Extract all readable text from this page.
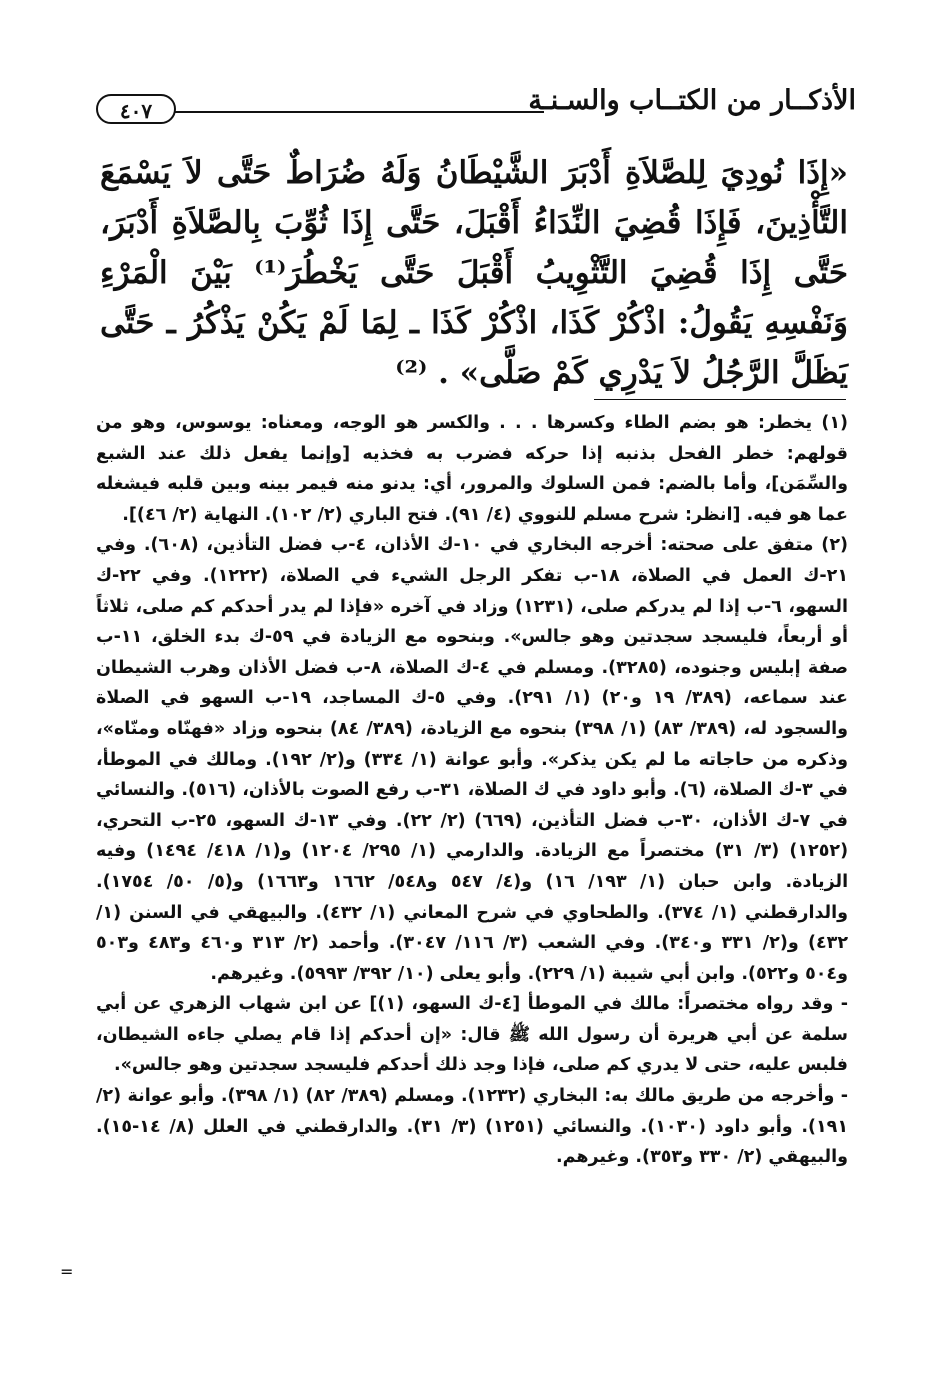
الأذكــار من الكتــاب والسـنـة
٤٠٧
«إِذَا نُودِيَ لِلصَّلاَةِ أَدْبَرَ الشَّيْطَانُ وَلَهُ ضُرَاطٌ حَتَّى لاَ يَسْمَعَ التَّأْذِينَ، فَإِذَا قُضِيَ النِّدَاءُ أَقْبَلَ، حَتَّى إِذَا ثُوِّبَ بِالصَّلاَةِ أَدْبَرَ، حَتَّى إِذَا قُضِيَ التَّثْوِيبُ أَقْبَلَ حَتَّى يَخْطُرَ⁽¹⁾ بَيْنَ الْمَرْءِ وَنَفْسِهِ يَقُولُ: اذْكُرْ كَذَا، اذْكُرْ كَذَا ـ لِمَا لَمْ يَكُنْ يَذْكُرُ ـ حَتَّى يَظَلَّ الرَّجُلُ لاَ يَدْرِي كَمْ صَلَّى» . ⁽²⁾

(١) يخطر: هو بضم الطاء وكسرها . . . والكسر هو الوجه، ومعناه: يوسوس، وهو من قولهم: خطر الفحل بذنبه إذا حركه فضرب به فخذيه [وإنما يفعل ذلك عند الشبع والسِّمَن]، وأما بالضم: فمن السلوك والمرور، أي: يدنو منه فيمر بينه وبين قلبه فيشغله عما هو فيه. [انظر: شرح مسلم للنووي (٤/ ٩١). فتح الباري (٢/ ١٠٢). النهاية (٢/ ٤٦)].

(٢) متفق على صحته: أخرجه البخاري في ١٠-ك الأذان، ٤-ب فضل التأذين، (٦٠٨). وفي ٢١-ك العمل في الصلاة، ١٨-ب تفكر الرجل الشيء في الصلاة، (١٢٢٢). وفي ٢٢-ك السهو، ٦-ب إذا لم يدركم صلى، (١٢٣١) وزاد في آخره «فإذا لم يدر أحدكم كم صلى، ثلاثاً أو أربعاً، فليسجد سجدتين وهو جالس». وبنحوه مع الزيادة في ٥٩-ك بدء الخلق، ١١-ب صفة إبليس وجنوده، (٣٢٨٥). ومسلم في ٤-ك الصلاة، ٨-ب فضل الأذان وهرب الشيطان عند سماعه، (٣٨٩/ ١٩ و٢٠) (١/ ٢٩١). وفي ٥-ك المساجد، ١٩-ب السهو في الصلاة والسجود له، (٣٨٩/ ٨٣) (١/ ٣٩٨) بنحوه مع الزيادة، (٣٨٩/ ٨٤) بنحوه وزاد «فهنّاه ومنّاه»، وذكره من حاجاته ما لم يكن يذكر». وأبو عوانة (١/ ٣٣٤) و(٢/ ١٩٢). ومالك في الموطأ، في ٣-ك الصلاة، (٦). وأبو داود في ك الصلاة، ٣١-ب رفع الصوت بالأذان، (٥١٦). والنسائي في ٧-ك الأذان، ٣٠-ب فضل التأذين، (٦٦٩) (٢/ ٢٢). وفي ١٣-ك السهو، ٢٥-ب التحري، (١٢٥٢) (٣/ ٣١) مختصراً مع الزيادة. والدارمي (١/ ٢٩٥/ ١٢٠٤) و(١/ ٤١٨/ ١٤٩٤) وفيه الزيادة. وابن حبان (١/ ١٩٣/ ١٦) و(٤/ ٥٤٧ و٥٤٨/ ١٦٦٢ و١٦٦٣) و(٥/ ٥٠/ ١٧٥٤). والدارقطني (١/ ٣٧٤). والطحاوي في شرح المعاني (١/ ٤٣٢). والبيهقي في السنن (١/ ٤٣٢) و(٢/ ٣٣١ و٣٤٠). وفي الشعب (٣/ ١١٦/ ٣٠٤٧). وأحمد (٢/ ٣١٣ و٤٦٠ و٤٨٣ و٥٠٣ و٥٠٤ و٥٢٢). وابن أبي شيبة (١/ ٢٢٩). وأبو يعلى (١٠/ ٣٩٢/ ٥٩٩٣). وغيرهم.

- وقد رواه مختصراً: مالك في الموطأ [٤-ك السهو، (١)] عن ابن شهاب الزهري عن أبي سلمة عن أبي هريرة أن رسول الله ﷺ قال: «إن أحدكم إذا قام يصلي جاءه الشيطان، فلبس عليه، حتى لا يدري كم صلى، فإذا وجد ذلك أحدكم فليسجد سجدتين وهو جالس».

- وأخرجه من طريق مالك به: البخاري (١٢٣٢). ومسلم (٣٨٩/ ٨٢) (١/ ٣٩٨). وأبو عوانة (٢/ ١٩١). وأبو داود (١٠٣٠). والنسائي (١٢٥١) (٣/ ٣١). والدارقطني في العلل (٨/ ١٤-١٥). والبيهقي (٢/ ٣٣٠ و٣٥٣). وغيرهم.

=
